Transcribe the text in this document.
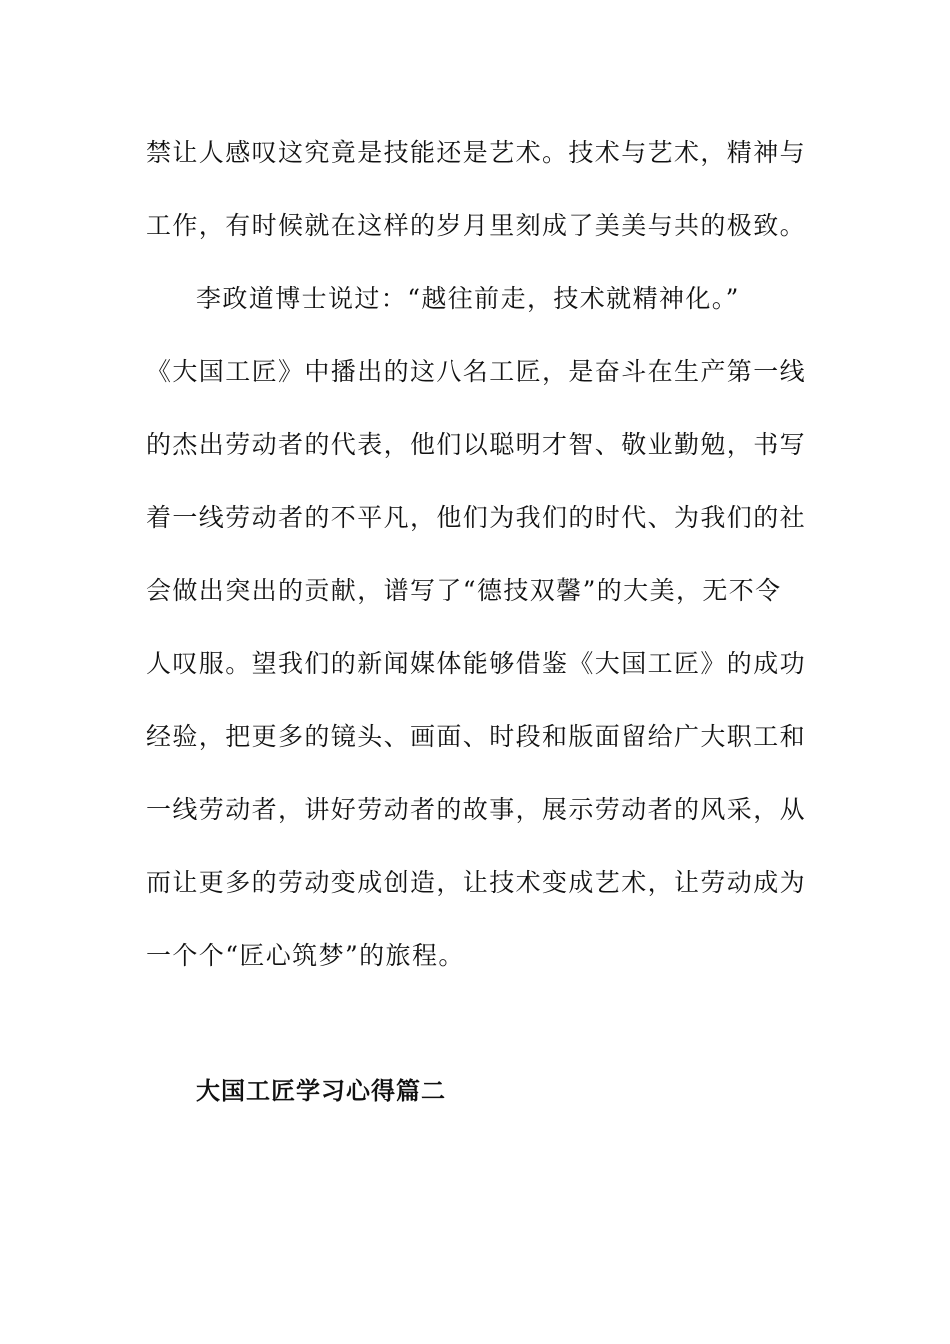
禁让人感叹这究竟是技能还是艺术。技术与艺术，精神与
工作，有时候就在这样的岁月里刻成了美美与共的极致。
李政道博士说过：“越往前走，技术就精神化。”
《大国工匠》中播出的这八名工匠，是奋斗在生产第一线
的杰出劳动者的代表，他们以聪明才智、敬业勤勉，书写
着一线劳动者的不平凡，他们为我们的时代、为我们的社
会做出突出的贡献，谱写了“德技双馨”的大美，无不令
人叹服。望我们的新闻媒体能够借鉴《大国工匠》的成功
经验，把更多的镜头、画面、时段和版面留给广大职工和
一线劳动者，讲好劳动者的故事，展示劳动者的风采，从
而让更多的劳动变成创造，让技术变成艺术，让劳动成为
一个个“匠心筑梦”的旅程。
大国工匠学习心得篇二
